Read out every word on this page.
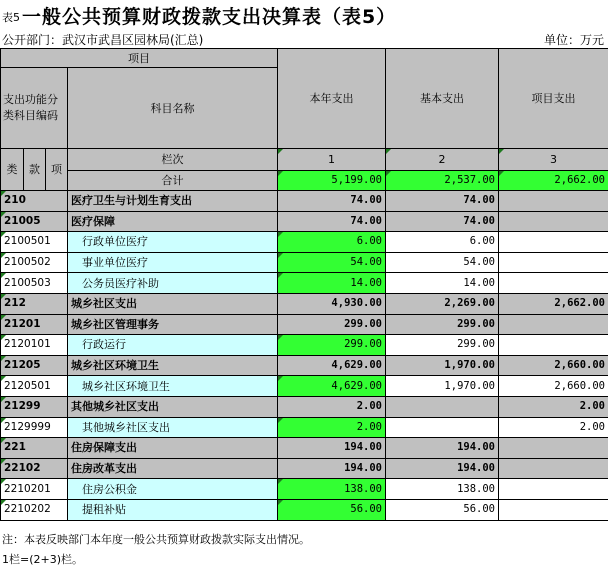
表5 一般公共预算财政拨款支出决算表（表5）
公开部门：武汉市武昌区园林局(汇总)	单位：万元
项目				本年支出	基本支出	项目支出
支出功能分类科目编码			科目名称			
类	款	项	栏次	1	2	3
			合计	5,199.00	2,537.00	2,662.00
210			医疗卫生与计划生育支出	74.00	74.00	
21005			医疗保障	74.00	74.00	
2100501			行政单位医疗	6.00	6.00	
2100502			事业单位医疗	54.00	54.00	
2100503			公务员医疗补助	14.00	14.00	
212			城乡社区支出	4,930.00	2,269.00	2,662.00
21201			城乡社区管理事务	299.00	299.00	
2120101			行政运行	299.00	299.00	
21205			城乡社区环境卫生	4,629.00	1,970.00	2,660.00
2120501			城乡社区环境卫生	4,629.00	1,970.00	2,660.00
21299			其他城乡社区支出	2.00		2.00
2129999			其他城乡社区支出	2.00		2.00
221			住房保障支出	194.00	194.00	
22102			住房改革支出	194.00	194.00	
2210201			住房公积金	138.00	138.00	
2210202			提租补贴	56.00	56.00	
注：本表反映部门本年度一般公共预算财政拨款实际支出情况。
1栏=(2+3)栏。
